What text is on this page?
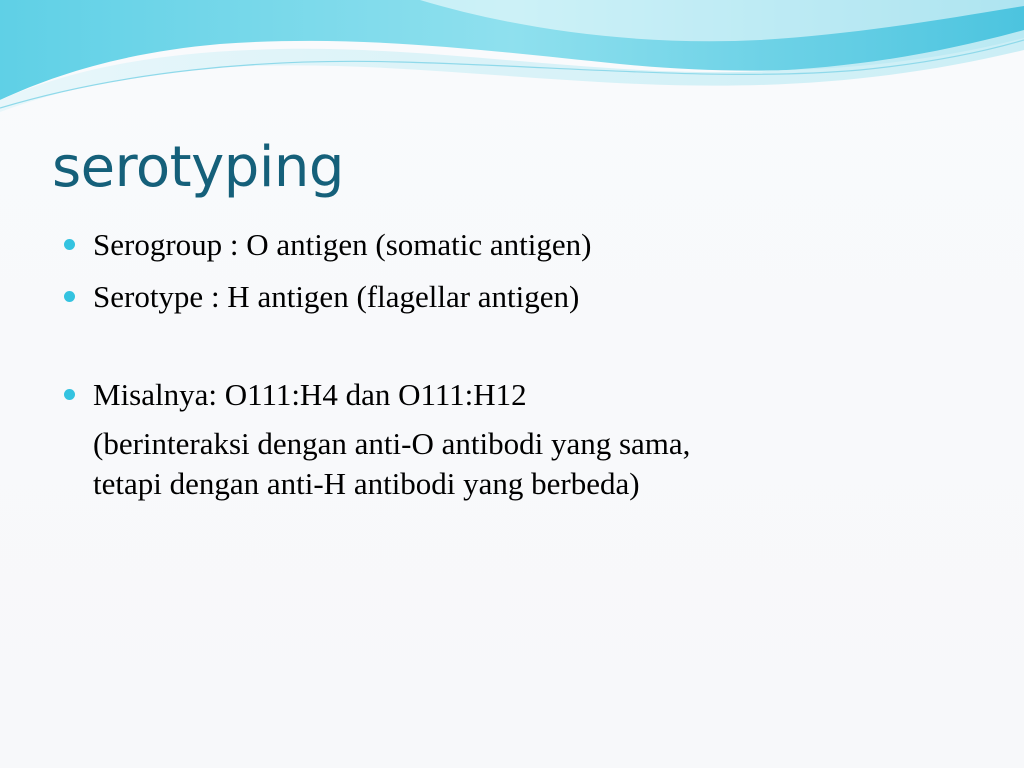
serotyping
Serogroup : O antigen (somatic antigen)
Serotype : H antigen (flagellar antigen)
Misalnya: O111:H4 dan O111:H12
(berinteraksi dengan anti-O antibodi yang sama,
tetapi dengan anti-H antibodi yang berbeda)
